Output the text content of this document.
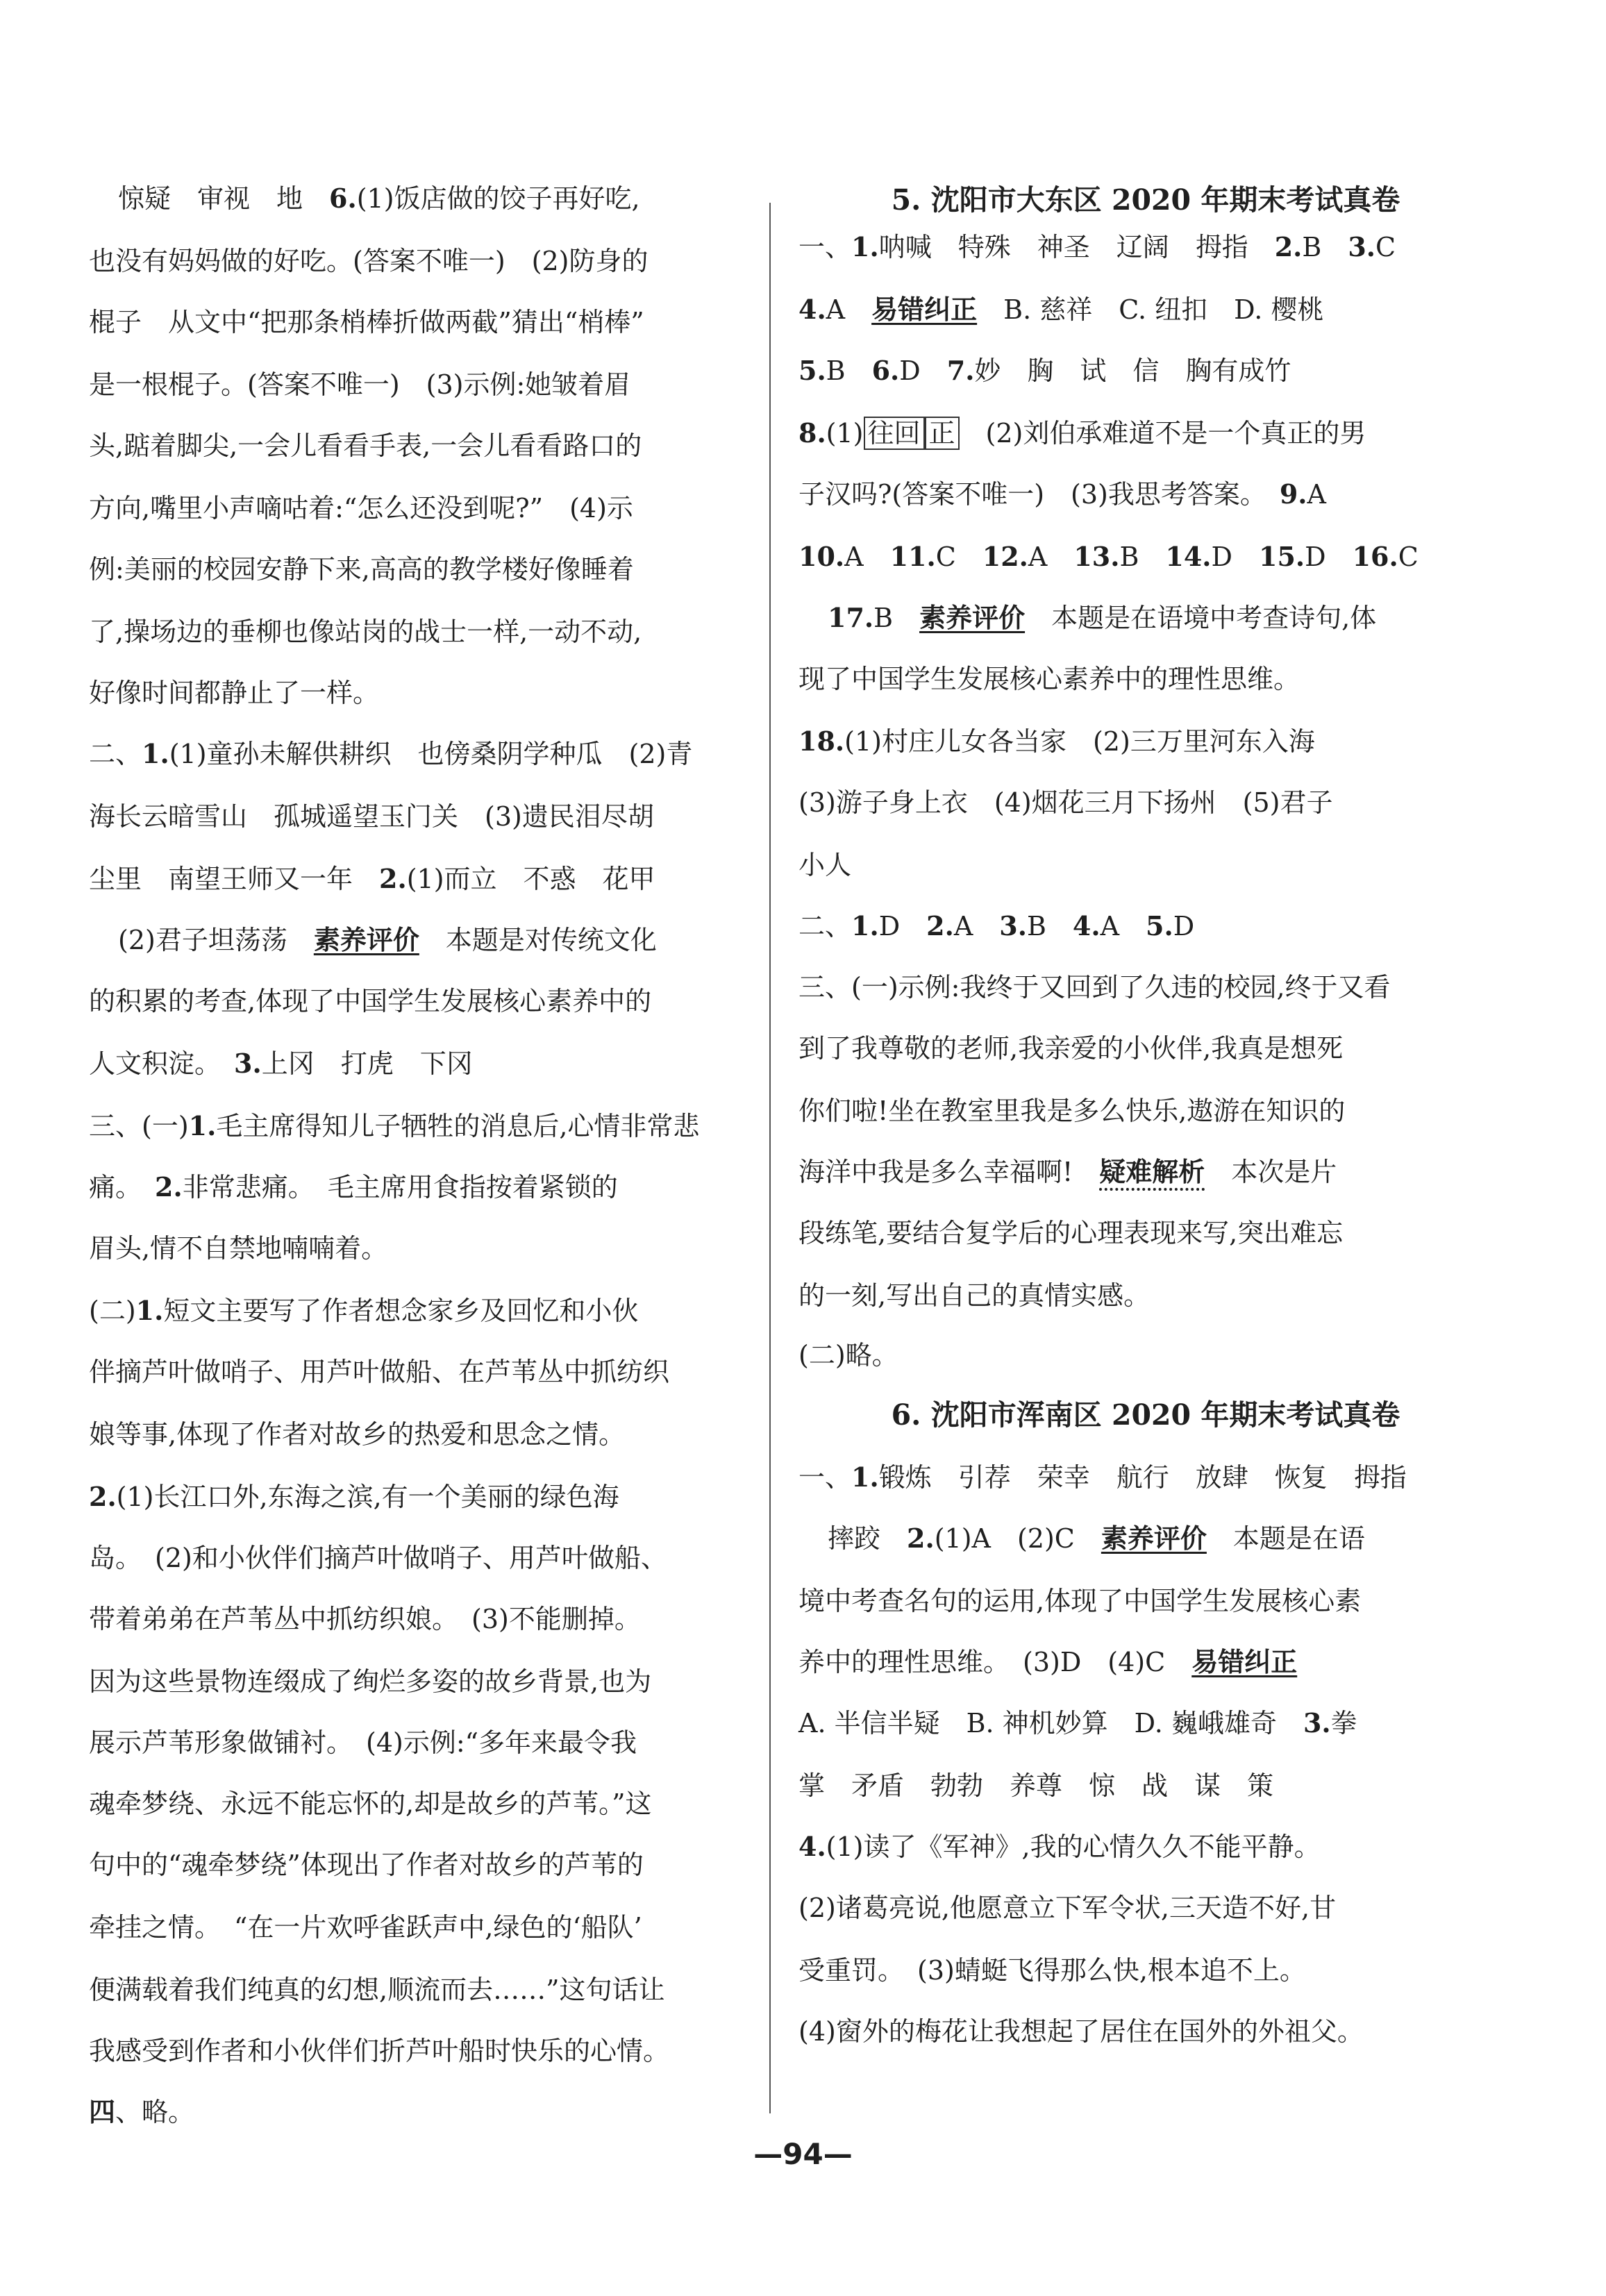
惊疑　审视　地　6.(1)饭店做的饺子再好吃,
也没有妈妈做的好吃。(答案不唯一)　(2)防身的
棍子　从文中“把那条梢棒折做两截”猜出“梢棒”
是一根棍子。(答案不唯一)　(3)示例:她皱着眉
头,踮着脚尖,一会儿看看手表,一会儿看看路口的
方向,嘴里小声嘀咕着:“怎么还没到呢?”　(4)示
例:美丽的校园安静下来,高高的教学楼好像睡着
了,操场边的垂柳也像站岗的战士一样,一动不动,
好像时间都静止了一样。
二、1.(1)童孙未解供耕织　也傍桑阴学种瓜　(2)青
海长云暗雪山　孤城遥望玉门关　(3)遗民泪尽胡
尘里　南望王师又一年　2.(1)而立　不惑　花甲
(2)君子坦荡荡　素养评价　本题是对传统文化
的积累的考查,体现了中国学生发展核心素养中的
人文积淀。　3.上冈　打虎　下冈
三、(一)1.毛主席得知儿子牺牲的消息后,心情非常悲
痛。　2.非常悲痛。　毛主席用食指按着紧锁的
眉头,情不自禁地喃喃着。
(二)1.短文主要写了作者想念家乡及回忆和小伙
伴摘芦叶做哨子、用芦叶做船、在芦苇丛中抓纺织
娘等事,体现了作者对故乡的热爱和思念之情。
2.(1)长江口外,东海之滨,有一个美丽的绿色海
岛。　(2)和小伙伴们摘芦叶做哨子、用芦叶做船、
带着弟弟在芦苇丛中抓纺织娘。　(3)不能删掉。
因为这些景物连缀成了绚烂多姿的故乡背景,也为
展示芦苇形象做铺衬。　(4)示例:“多年来最令我
魂牵梦绕、永远不能忘怀的,却是故乡的芦苇。”这
句中的“魂牵梦绕”体现出了作者对故乡的芦苇的
牵挂之情。　“在一片欢呼雀跃声中,绿色的‘船队’
便满载着我们纯真的幻想,顺流而去……”这句话让
我感受到作者和小伙伴们折芦叶船时快乐的心情。
四、略。
5. 沈阳市大东区 2020 年期末考试真卷
一、1.呐喊　特殊　神圣　辽阔　拇指　2.B　3.C
4.A　易错纠正　B. 慈祥　C. 纽扣　D. 樱桃
5.B　6.D　7.妙　胸　试　信　胸有成竹
8.(1) 往回 正　(2)刘伯承难道不是一个真正的男
子汉吗?(答案不唯一)　(3)我思考答案。　9.A
10.A　11.C　12.A　13.B　14.D　15.D　16.C
17.B　素养评价　本题是在语境中考查诗句,体
现了中国学生发展核心素养中的理性思维。
18.(1)村庄儿女各当家　(2)三万里河东入海
(3)游子身上衣　(4)烟花三月下扬州　(5)君子
小人
二、1.D　2.A　3.B　4.A　5.D
三、(一)示例:我终于又回到了久违的校园,终于又看
到了我尊敬的老师,我亲爱的小伙伴,我真是想死
你们啦!坐在教室里我是多么快乐,遨游在知识的
海洋中我是多么幸福啊!　疑难解析　本次是片
段练笔,要结合复学后的心理表现来写,突出难忘
的一刻,写出自己的真情实感。
(二)略。
6. 沈阳市浑南区 2020 年期末考试真卷
一、1.锻炼　引荐　荣幸　航行　放肆　恢复　拇指
摔跤　2.(1)A　(2)C　素养评价　本题是在语
境中考查名句的运用,体现了中国学生发展核心素
养中的理性思维。　(3)D　(4)C　易错纠正
A. 半信半疑　B. 神机妙算　D. 巍峨雄奇　3.拳
掌　矛盾　勃勃　养尊　惊　战　谋　策
4.(1)读了《军神》,我的心情久久不能平静。
(2)诸葛亮说,他愿意立下军令状,三天造不好,甘
受重罚。　(3)蜻蜓飞得那么快,根本追不上。
(4)窗外的梅花让我想起了居住在国外的外祖父。
—94—
